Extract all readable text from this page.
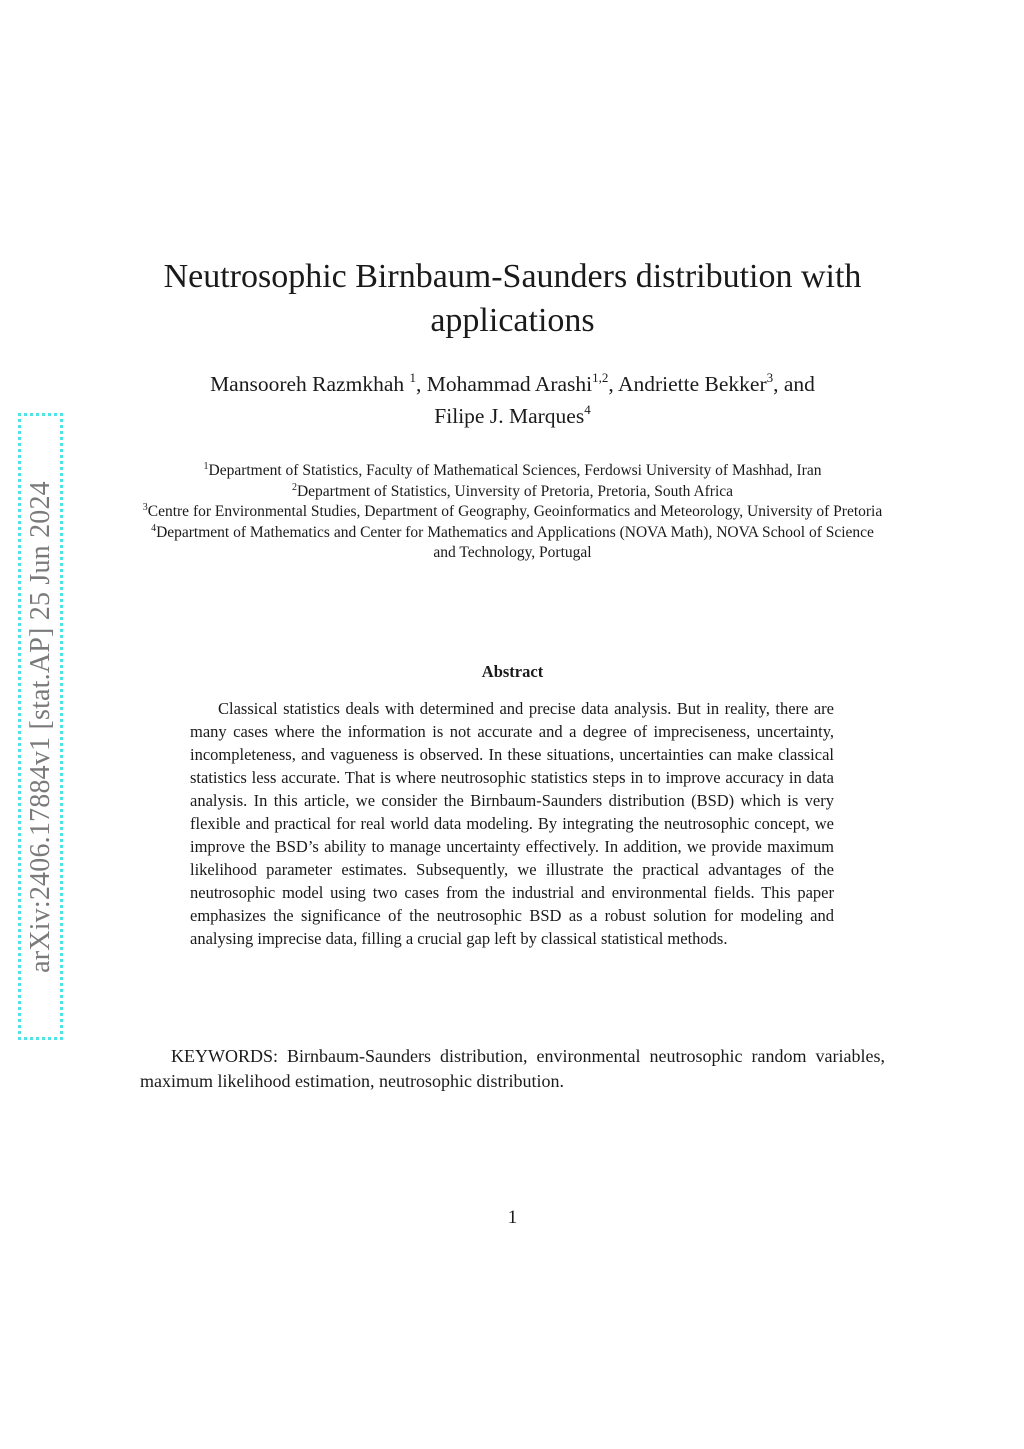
arXiv:2406.17884v1 [stat.AP] 25 Jun 2024
Neutrosophic Birnbaum-Saunders distribution with
applications
Mansooreh Razmkhah $^1$, Mohammad Arashi$^{1,2}$, Andriette Bekker$^3$, and
Filipe J. Marques$^4$
$^1$Department of Statistics, Faculty of Mathematical Sciences, Ferdowsi University of Mashhad, Iran
$^2$Department of Statistics, Uinversity of Pretoria, Pretoria, South Africa
$^3$Centre for Environmental Studies, Department of Geography, Geoinformatics and Meteorology, University of Pretoria
$^4$Department of Mathematics and Center for Mathematics and Applications (NOVA Math), NOVA School of Science and Technology, Portugal
Abstract

Classical statistics deals with determined and precise data analysis. But in reality, there are many cases where the information is not accurate and a degree of impreciseness, uncertainty, incompleteness, and vagueness is observed. In these situations, uncertainties can make classical statistics less accurate. That is where neutrosophic statistics steps in to improve accuracy in data analysis. In this article, we consider the Birnbaum-Saunders distribution (BSD) which is very flexible and practical for real world data modeling. By integrating the neutrosophic concept, we improve the BSD’s ability to manage uncertainty effectively. In addition, we provide maximum likelihood parameter estimates. Subsequently, we illustrate the practical advantages of the neutrosophic model using two cases from the industrial and environmental fields. This paper emphasizes the significance of the neutrosophic BSD as a robust solution for modeling and analysing imprecise data, filling a crucial gap left by classical statistical methods.

KEYWORDS: Birnbaum-Saunders distribution, environmental neutrosophic random variables, maximum likelihood estimation, neutrosophic distribution.

1
